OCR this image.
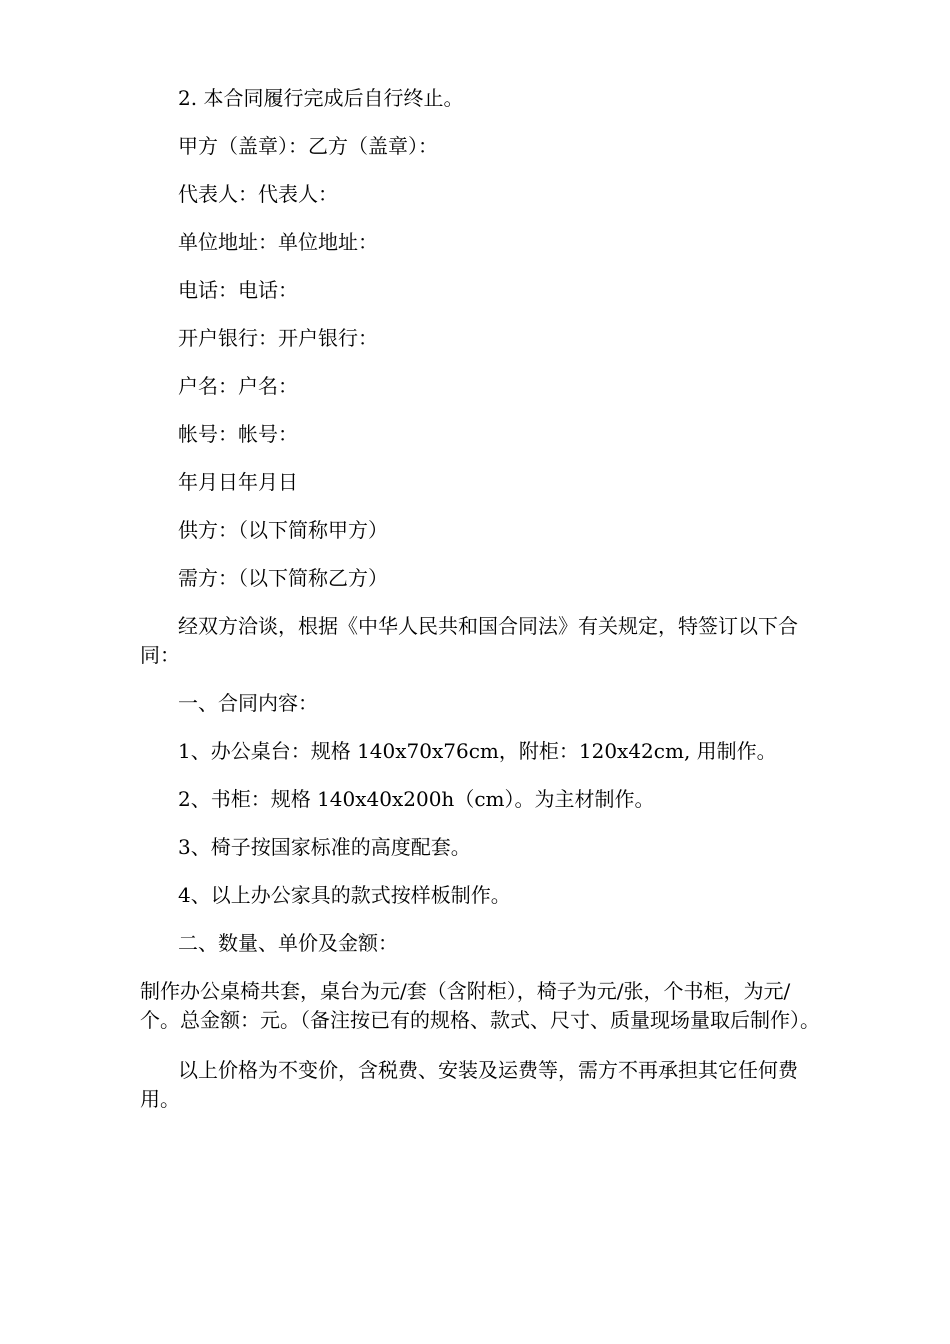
2. 本合同履行完成后自行终止。

甲方（盖章）：乙方（盖章）：

代表人：代表人：

单位地址：单位地址：

电话：电话：

开户银行：开户银行：

户名：户名：

帐号：帐号：

年月日年月日

供方：（以下简称甲方）

需方：（以下简称乙方）

经双方洽谈，根据《中华人民共和国合同法》有关规定，特签订以下合同：

一、合同内容：

1、办公桌台：规格 140x70x76cm，附柜：120x42cm, 用制作。

2、书柜：规格 140x40x200h（cm）。为主材制作。

3、椅子按国家标准的高度配套。

4、以上办公家具的款式按样板制作。

二、数量、单价及金额：

制作办公桌椅共套，桌台为元/套（含附柜），椅子为元/张，个书柜，为元/个。总金额：元。（备注按已有的规格、款式、尺寸、质量现场量取后制作）。

以上价格为不变价，含税费、安装及运费等，需方不再承担其它任何费用。
